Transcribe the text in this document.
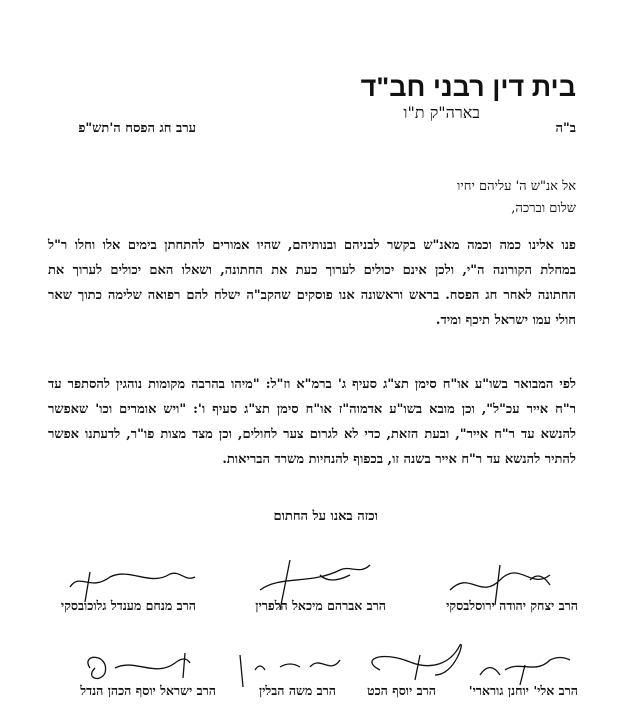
בית דין רבני חב"ד
בארה"ק ת"ו
ב"ה
ערב חג הפסח ה'תש"פ
אל אנ"ש ה' עליהם יחיו
שלום וברכה,
פנו אלינו כמה וכמה מאנ"ש בקשר לבניהם ובנותיהם, שהיו אמורים להתחתן בימים אלו וחלו ר"ל
במחלת הקורונה ה"י, ולכן אינם יכולים לערוך כעת את החתונה, ושאלו האם יכולים לערוך את
החתונה לאחר חג הפסח. בראש וראשונה אנו פוסקים שהקב"ה ישלח להם רפואה שלימה כתוך שאר
חולי עמו ישראל תיכף ומיד.
לפי המבואר בשו"ע או"ח סימן תצ"ג סעיף ג' ברמ"א וז"ל: "מיהו בהרבה מקומות נוהגין להסתפר עד
ר"ח אייר עכ"ל", וכן מובא בשו"ע אדמוה"ז או"ח סימן תצ"ג סעיף ו': "ויש אומרים וכו' שאפשר
להנשא עד ר"ח אייר", ובעת הזאת, כדי לא לגרום צער לחולים, וכן מצד מצות פו"ר, לדעתנו אפשר
להתיר להנשא עד ר"ח אייר בשנה זו, בכפוף להנחיות משרד הבריאות.
וכזה באנו על החתום
הרב יצחק יהודה ירוסלבסקי
הרב אברהם מיכאל הלפרין
הרב מנחם מענדל גלוכובסקי
הרב אלי' יוחנן גורארי'
הרב יוסף הכט
הרב משה הבלין
הרב ישראל יוסף הכהן הנדל
